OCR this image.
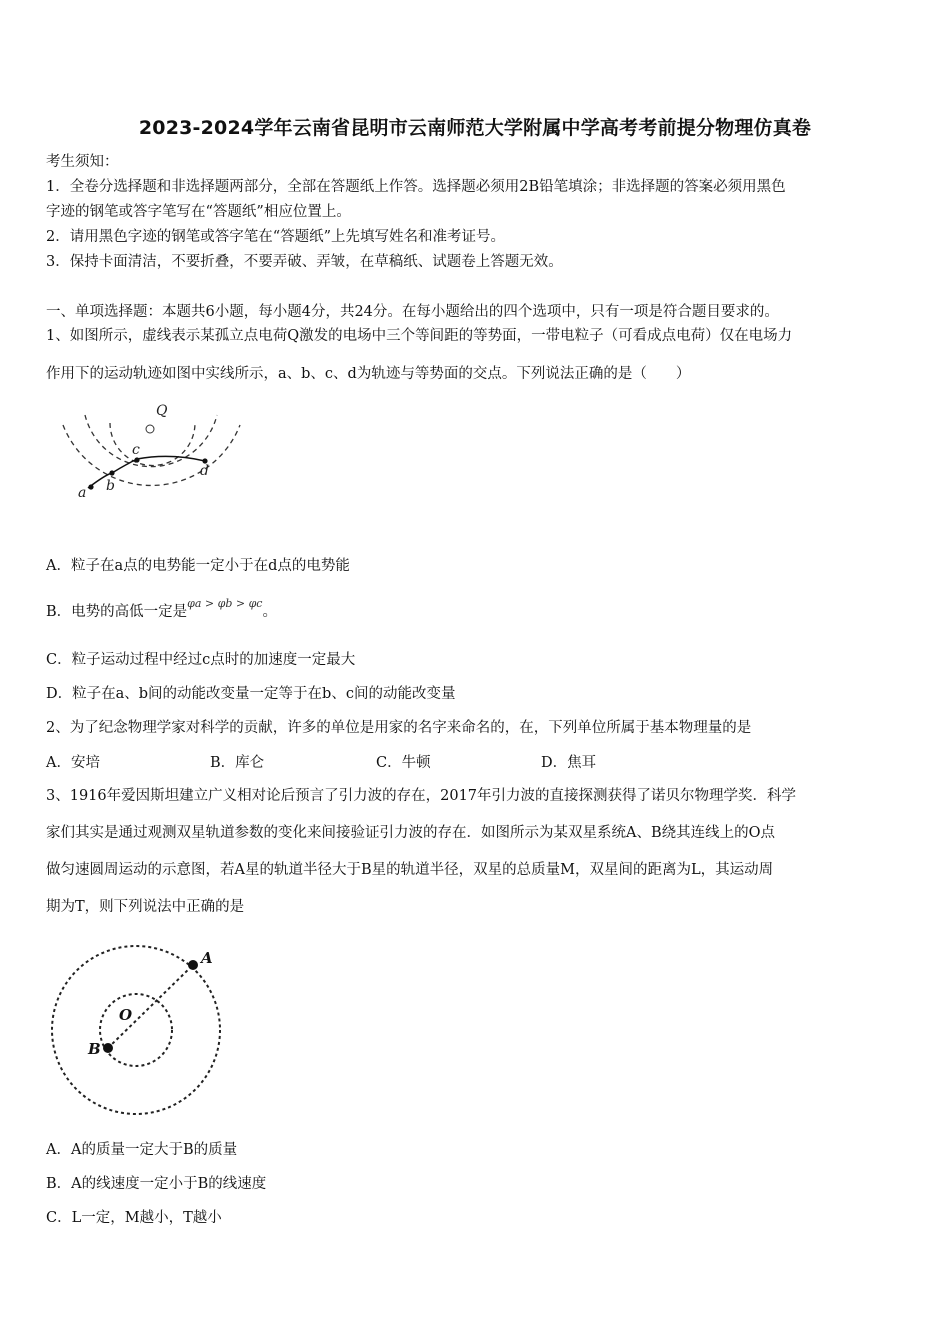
2023-2024学年云南省昆明市云南师范大学附属中学高考考前提分物理仿真卷
考生须知：
1．全卷分选择题和非选择题两部分，全部在答题纸上作答。选择题必须用2B铅笔填涂；非选择题的答案必须用黑色
字迹的钢笔或答字笔写在“答题纸”相应位置上。
2．请用黑色字迹的钢笔或答字笔在“答题纸”上先填写姓名和准考证号。
3．保持卡面清洁，不要折叠，不要弄破、弄皱，在草稿纸、试题卷上答题无效。
一、单项选择题：本题共6小题，每小题4分，共24分。在每小题给出的四个选项中，只有一项是符合题目要求的。
1、如图所示，虚线表示某孤立点电荷Q激发的电场中三个等间距的等势面，一带电粒子（可看成点电荷）仅在电场力
作用下的运动轨迹如图中实线所示，a、b、c、d为轨迹与等势面的交点。下列说法正确的是（　　）
Q
a b
c
d
A．粒子在a点的电势能一定小于在d点的电势能
B．电势的高低一定是$^{\varphi a > \varphi b > \varphi c}$。
C．粒子运动过程中经过c点时的加速度一定最大
D．粒子在a、b间的动能改变量一定等于在b、c间的动能改变量
2、为了纪念物理学家对科学的贡献，许多的单位是用家的名字来命名的，在，下列单位所属于基本物理量的是
A．安培	B．库仑	C．牛顿	D．焦耳
3、1916年爱因斯坦建立广义相对论后预言了引力波的存在，2017年引力波的直接探测获得了诺贝尔物理学奖．科学
家们其实是通过观测双星轨道参数的变化来间接验证引力波的存在．如图所示为某双星系统A、B绕其连线上的O点
做匀速圆周运动的示意图，若A星的轨道半径大于B星的轨道半径，双星的总质量M，双星间的距离为L，其运动周
期为T，则下列说法中正确的是
A
B
O
A．A的质量一定大于B的质量
B．A的线速度一定小于B的线速度
C．L一定，M越小，T越小
